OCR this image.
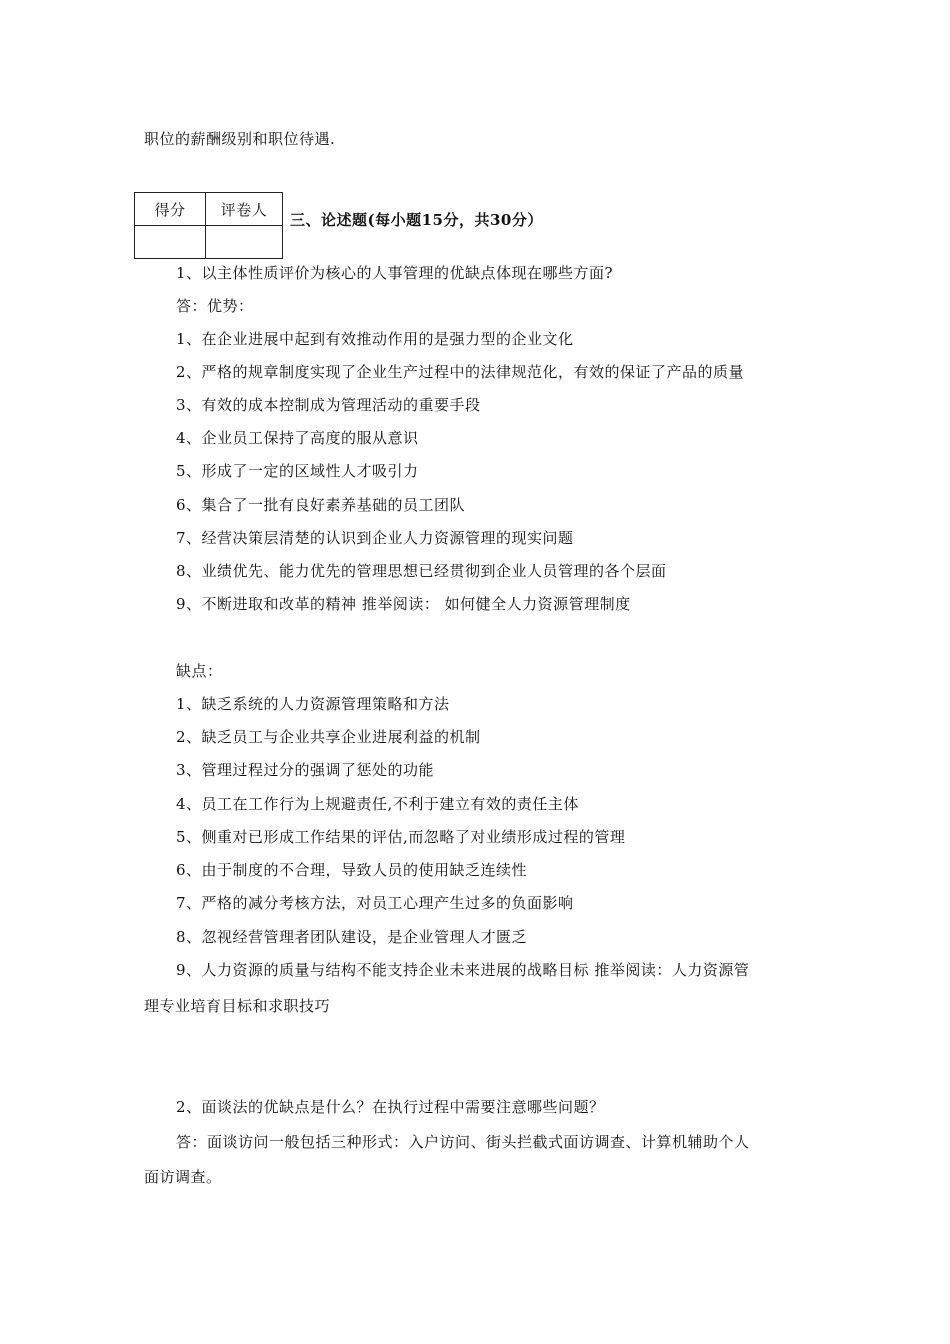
职位的薪酬级别和职位待遇.
得分	评卷人

三、论述题(每小题15分，共30分）
1、以主体性质评价为核心的人事管理的优缺点体现在哪些方面?
答：优势：
1、在企业进展中起到有效推动作用的是强力型的企业文化
2、严格的规章制度实现了企业生产过程中的法律规范化，有效的保证了产品的质量
3、有效的成本控制成为管理活动的重要手段
4、企业员工保持了高度的服从意识
5、形成了一定的区域性人才吸引力
6、集合了一批有良好素养基础的员工团队
7、经营决策层清楚的认识到企业人力资源管理的现实问题
8、业绩优先、能力优先的管理思想已经贯彻到企业人员管理的各个层面
9、不断进取和改革的精神 推举阅读： 如何健全人力资源管理制度
缺点：
1、缺乏系统的人力资源管理策略和方法
2、缺乏员工与企业共享企业进展利益的机制
3、管理过程过分的强调了惩处的功能
4、员工在工作行为上规避责任,不利于建立有效的责任主体
5、侧重对已形成工作结果的评估,而忽略了对业绩形成过程的管理
6、由于制度的不合理，导致人员的使用缺乏连续性
7、严格的减分考核方法，对员工心理产生过多的负面影响
8、忽视经营管理者团队建设，是企业管理人才匮乏
9、人力资源的质量与结构不能支持企业未来进展的战略目标 推举阅读：人力资源管
理专业培育目标和求职技巧
2、面谈法的优缺点是什么？在执行过程中需要注意哪些问题？
答：面谈访问一般包括三种形式：入户访问、街头拦截式面访调查、计算机辅助个人
面访调查。
